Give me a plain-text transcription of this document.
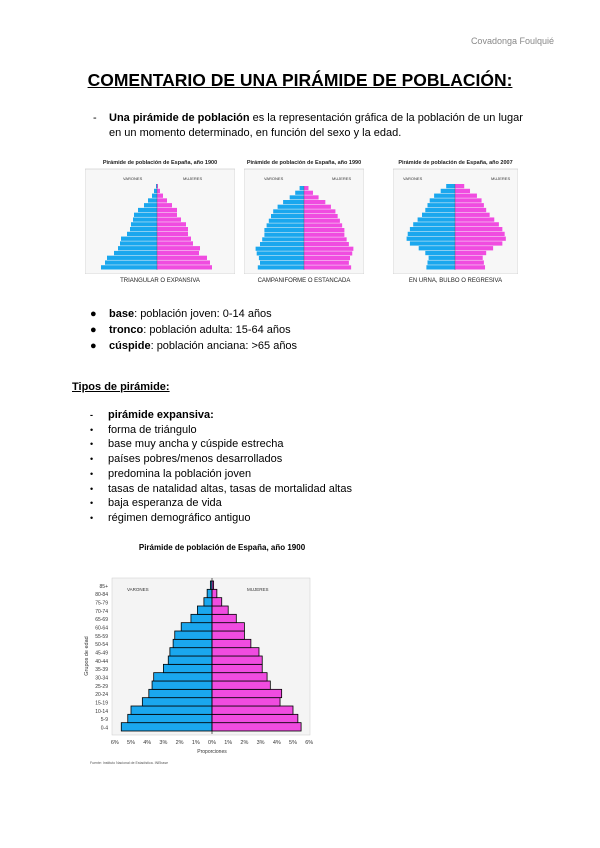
Covadonga Foulquié
COMENTARIO DE UNA PIRÁMIDE DE POBLACIÓN:
-	Una pirámide de población es la representación gráfica de la población de un lugar en un momento determinado, en función del sexo y la edad.
Pirámide de población de España, año 1900
VARONES	MUJERES
TRIANGULAR O EXPANSIVA
Pirámide de población de España, año 1990
VARONES	MUJERES
CAMPANIFORME O ESTANCADA
Pirámide de población de España, año 2007
VARONES	MUJERES
EN URNA, BULBO O REGRESIVA
● base: población joven: 0-14 años
● tronco: población adulta: 15-64 años
● cúspide: población anciana: >65 años
Tipos de pirámide:
- pirámide expansiva:
• forma de triángulo
• base muy ancha y cúspide estrecha
• países pobres/menos desarrollados
• predomina la población joven
• tasas de natalidad altas, tasas de mortalidad altas
• baja esperanza de vida
• régimen demográfico antiguo
Pirámide de población de España, año 1900
VARONES	MUJERES
0-4
5-9
10-14
15-19
20-24
25-29
30-34
35-39
40-44
45-49
50-54
55-59
60-64
65-69
70-74
75-79
80-84
85+
6% 5% 4% 3% 2% 1% 0% 1% 2% 3% 4% 5% 6%
Proporciones
Grupos de edad
Fuente: Instituto Nacional de Estadística. INEbase
